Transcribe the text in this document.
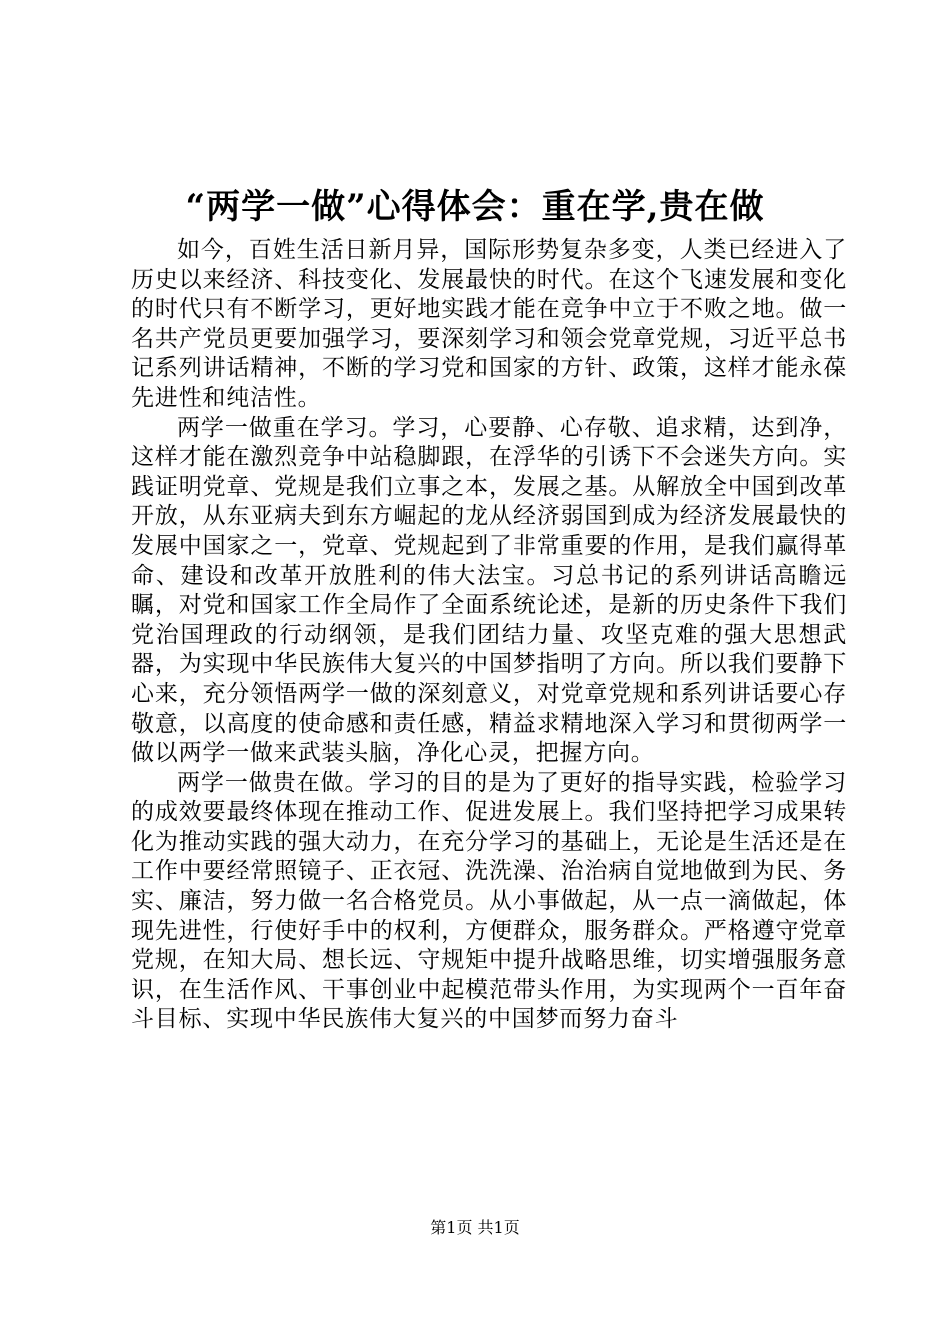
“两学一做”心得体会：重在学,贵在做

如今，百姓生活日新月异，国际形势复杂多变，人类已经进入了历史以来经济、科技变化、发展最快的时代。在这个飞速发展和变化的时代只有不断学习，更好地实践才能在竞争中立于不败之地。做一名共产党员更要加强学习，要深刻学习和领会党章党规，习近平总书记系列讲话精神，不断的学习党和国家的方针、政策，这样才能永葆先进性和纯洁性。

两学一做重在学习。学习，心要静、心存敬、追求精，达到净，这样才能在激烈竞争中站稳脚跟，在浮华的引诱下不会迷失方向。实践证明党章、党规是我们立事之本，发展之基。从解放全中国到改革开放，从东亚病夫到东方崛起的龙从经济弱国到成为经济发展最快的发展中国家之一，党章、党规起到了非常重要的作用，是我们赢得革命、建设和改革开放胜利的伟大法宝。习总书记的系列讲话高瞻远瞩，对党和国家工作全局作了全面系统论述，是新的历史条件下我们党治国理政的行动纲领，是我们团结力量、攻坚克难的强大思想武器，为实现中华民族伟大复兴的中国梦指明了方向。所以我们要静下心来，充分领悟两学一做的深刻意义，对党章党规和系列讲话要心存敬意，以高度的使命感和责任感，精益求精地深入学习和贯彻两学一做以两学一做来武装头脑，净化心灵，把握方向。

两学一做贵在做。学习的目的是为了更好的指导实践，检验学习的成效要最终体现在推动工作、促进发展上。我们坚持把学习成果转化为推动实践的强大动力，在充分学习的基础上，无论是生活还是在工作中要经常照镜子、正衣冠、洗洗澡、治治病自觉地做到为民、务实、廉洁，努力做一名合格党员。从小事做起，从一点一滴做起，体现先进性，行使好手中的权利，方便群众，服务群众。严格遵守党章党规，在知大局、想长远、守规矩中提升战略思维，切实增强服务意识，在生活作风、干事创业中起模范带头作用，为实现两个一百年奋斗目标、实现中华民族伟大复兴的中国梦而努力奋斗

第1页 共1页
